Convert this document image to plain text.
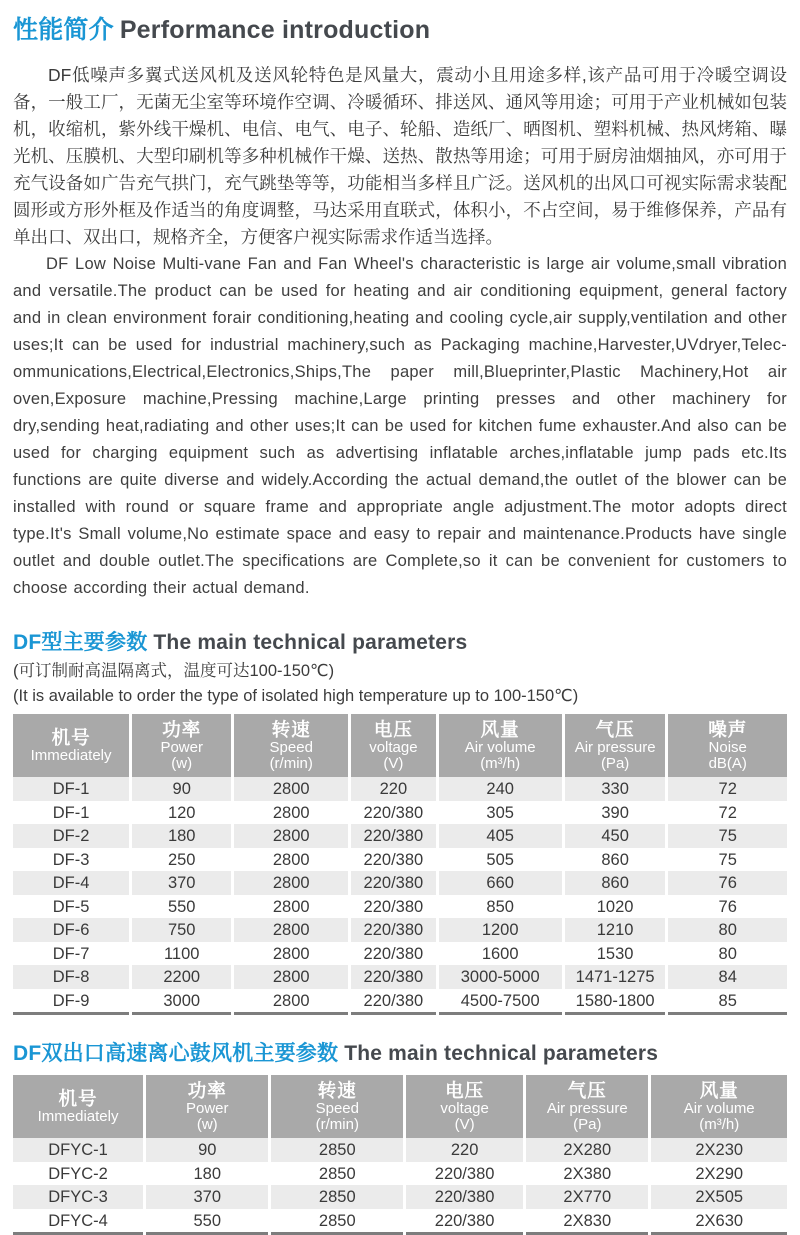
性能简介 Performance introduction

DF低噪声多翼式送风机及送风轮特色是风量大，震动小且用途多样,该产品可用于冷暖空调设备，一般工厂，无菌无尘室等环境作空调、冷暖循环、排送风、通风等用途；可用于产业机械如包装机，收缩机，紫外线干燥机、电信、电气、电子、轮船、造纸厂、晒图机、塑料机械、热风烤箱、曝光机、压膜机、大型印刷机等多种机械作干燥、送热、散热等用途；可用于厨房油烟抽风，亦可用于充气设备如广告充气拱门，充气跳垫等等，功能相当多样且广泛。送风机的出风口可视实际需求装配圆形或方形外框及作适当的角度调整，马达采用直联式，体积小，不占空间，易于维修保养，产品有单出口、双出口，规格齐全，方便客户视实际需求作适当选择。

DF Low Noise Multi-vane Fan and Fan Wheel's characteristic is large air volume,small vibration and versatile.The product can be used for heating and air conditioning equipment, general factory and in clean environment forair conditioning,heating and cooling cycle,air supply,ventilation and other uses;It can be used for industrial machinery,such as Packaging machine,Harvester,UVdryer,Telec-ommunications,Electrical,Electronics,Ships,The paper mill,Blueprinter,Plastic Machinery,Hot air oven,Exposure machine,Pressing machine,Large printing presses and other machinery for dry,sending heat,radiating and other uses;It can be used for kitchen fume exhauster.And also can be used for charging equipment such as advertising inflatable arches,inflatable jump pads etc.Its functions are quite diverse and widely.According the actual demand,the outlet of the blower can be installed with round or square frame and appropriate angle adjustment.The motor adopts direct type.It's Small volume,No estimate space and easy to repair and maintenance.Products have single outlet and double outlet.The specifications are Complete,so it can be convenient for customers to choose according their actual demand.

DF型主要参数 The main technical parameters

(可订制耐高温隔离式，温度可达100-150℃)

(It is available to order the type of isolated high temperature up to 100-150℃)

机号
Immediately

功率
Power
(w)

转速
Speed
(r/min)

电压
voltage
(V)

风量
Air volume
(m³/h)

气压
Air pressure
(Pa)

噪声
Noise
dB(A)

DF-1	90	2800	220	240	330	72
DF-1	120	2800	220/380	305	390	72
DF-2	180	2800	220/380	405	450	75
DF-3	250	2800	220/380	505	860	75
DF-4	370	2800	220/380	660	860	76
DF-5	550	2800	220/380	850	1020	76
DF-6	750	2800	220/380	1200	1210	80
DF-7	1100	2800	220/380	1600	1530	80
DF-8	2200	2800	220/380	3000-5000	1471-1275	84
DF-9	3000	2800	220/380	4500-7500	1580-1800	85
DF双出口高速离心鼓风机主要参数 The main technical parameters
机号
Immediately

功率
Power
(w)

转速
Speed
(r/min)

电压
voltage
(V)

气压
Air pressure
(Pa)

风量
Air volume
(m³/h)

DFYC-1	90	2850	220	2X280	2X230
DFYC-2	180	2850	220/380	2X380	2X290
DFYC-3	370	2850	220/380	2X770	2X505
DFYC-4	550	2850	220/380	2X830	2X630
